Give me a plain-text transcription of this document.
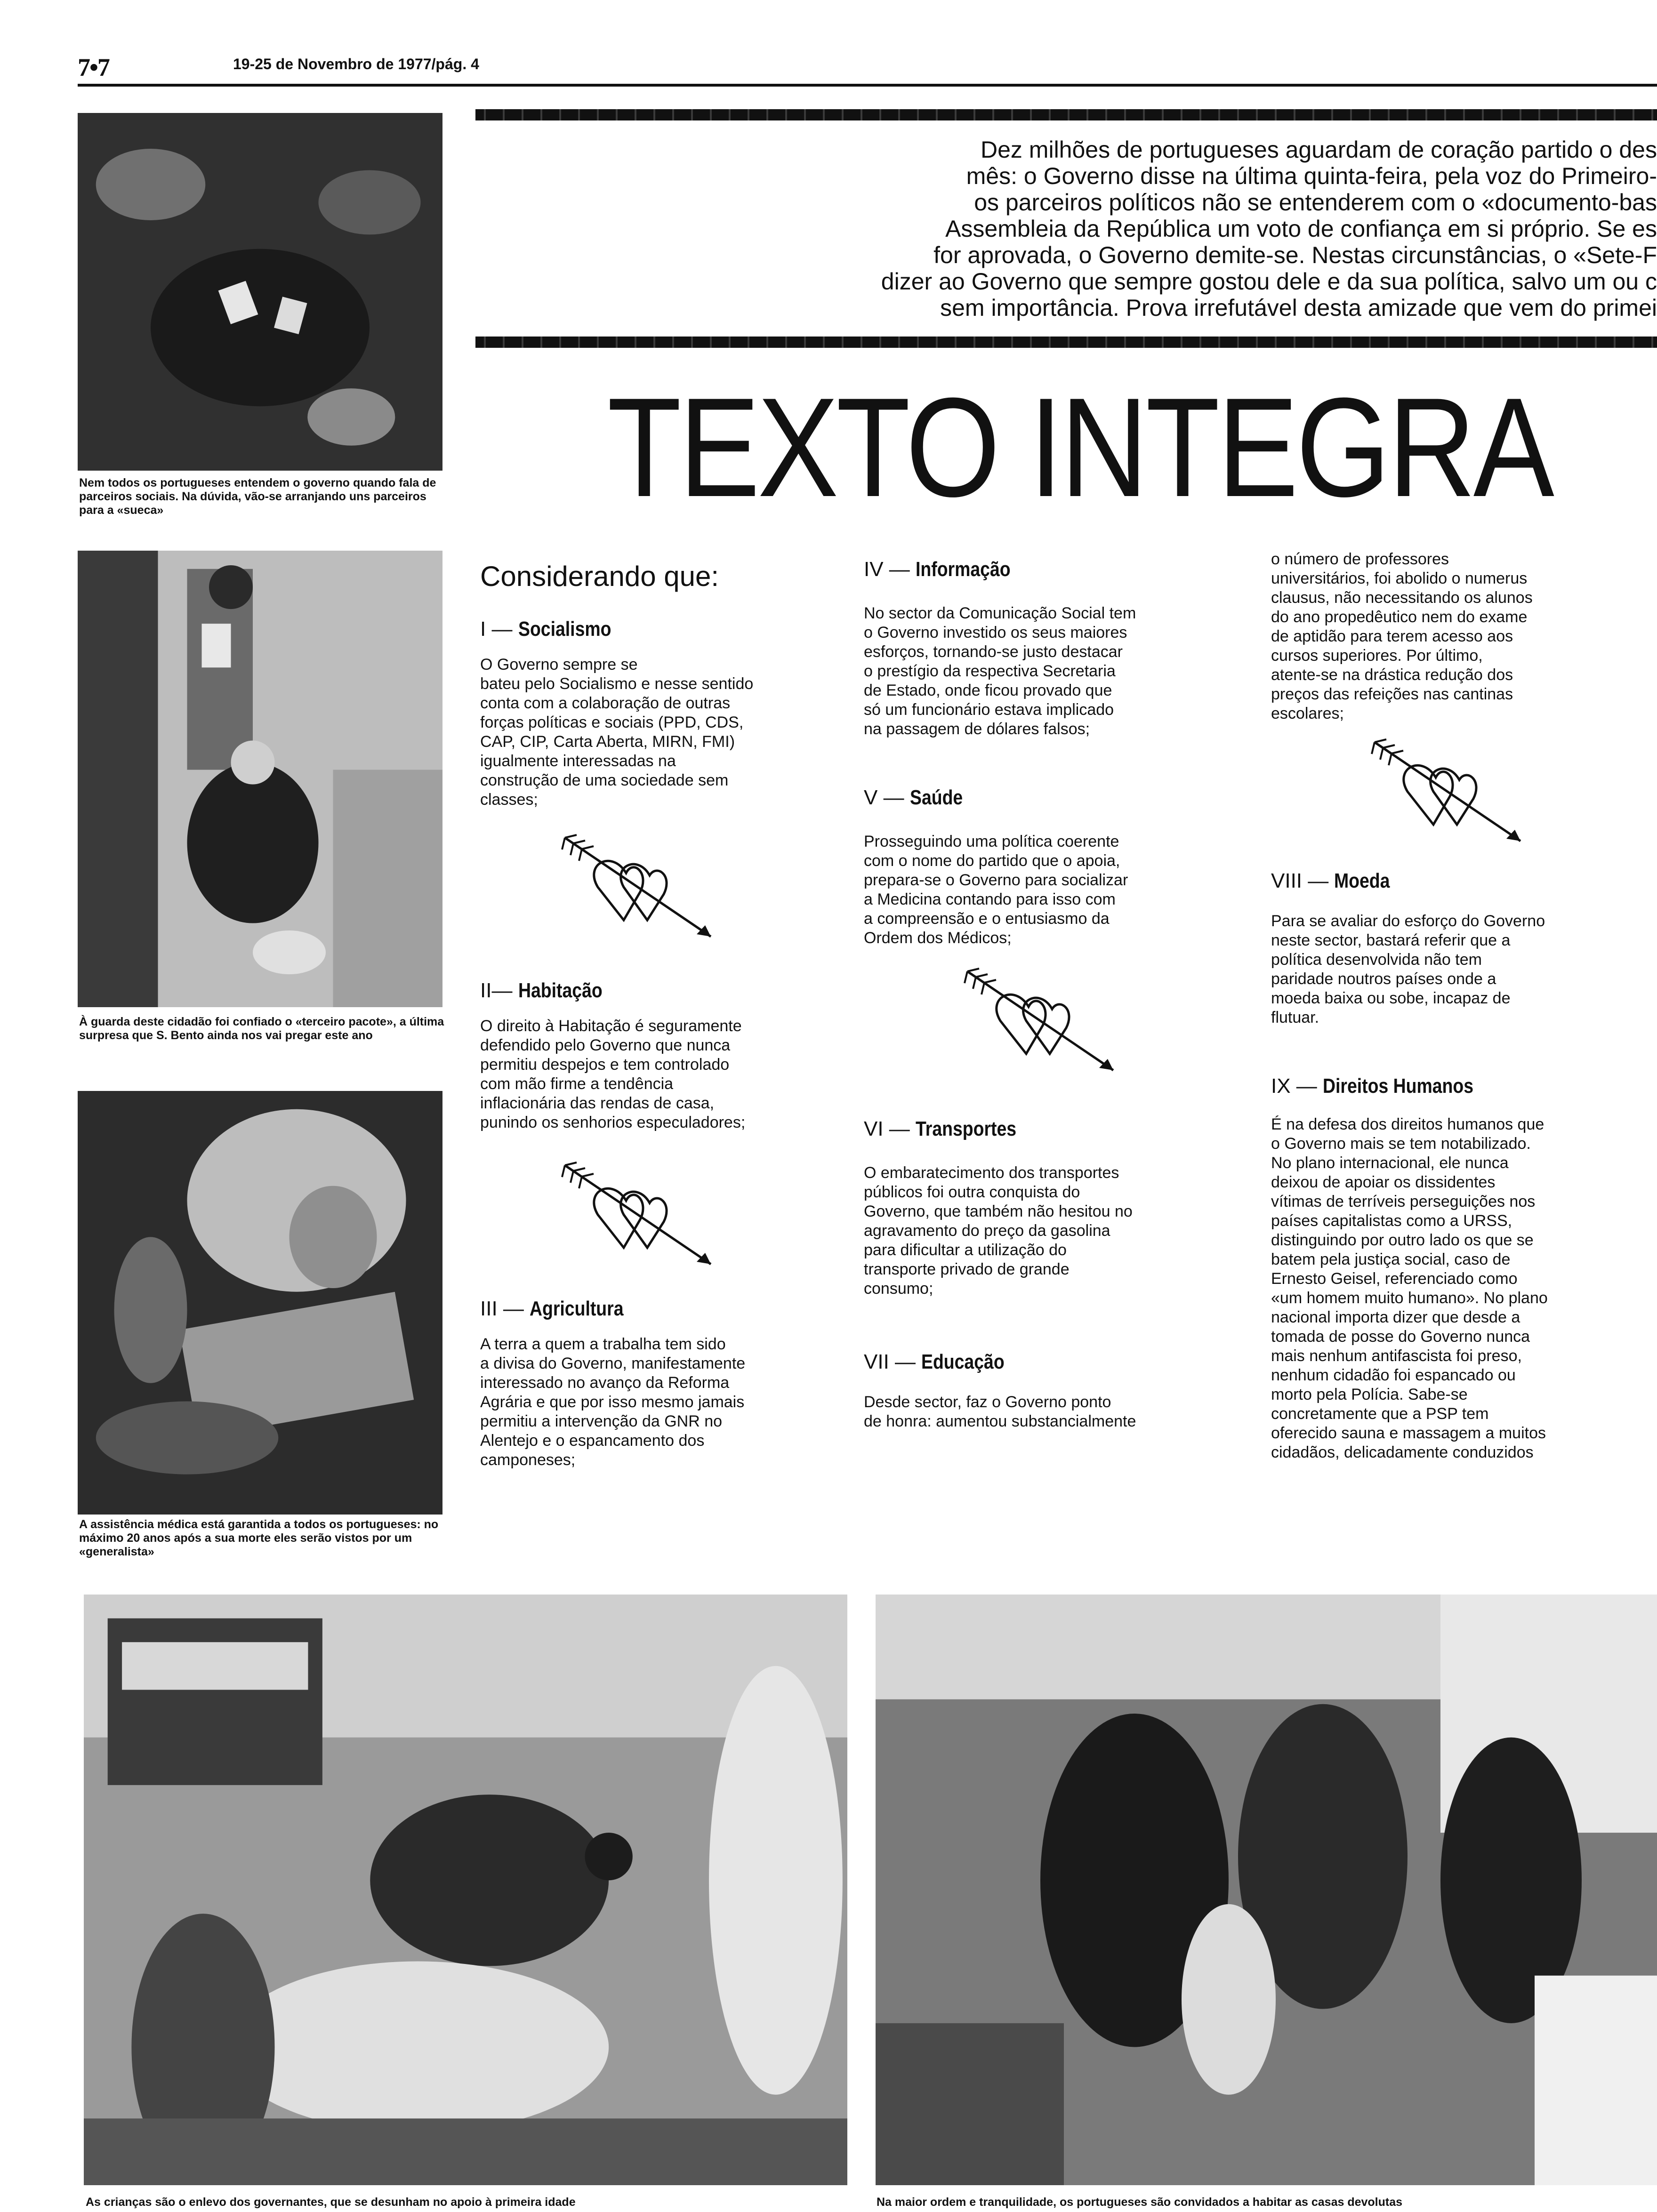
7•7	19-25 de Novembro de 1977/pág. 4
Dez milhões de portugueses aguardam de coração partido o des
mês: o Governo disse na última quinta-feira, pela voz do Primeiro-
os parceiros políticos não se entenderem com o «documento-bas
Assembleia da República um voto de confiança em si próprio. Se es
for aprovada, o Governo demite-se. Nestas circunstâncias, o «Sete-F
dizer ao Governo que sempre gostou dele e da sua política, salvo um ou c
sem importância. Prova irrefutável desta amizade que vem do primei
TEXTO INTEGRA
Nem todos os portugueses entendem o governo quando fala de parceiros sociais. Na dúvida, vão-se arranjando uns parceiros para a «sueca»
À guarda deste cidadão foi confiado o «terceiro pacote», a última surpresa que S. Bento ainda nos vai pregar este ano
A assistência médica está garantida a todos os portugueses: no máximo 20 anos após a sua morte eles serão vistos por um «generalista»
Considerando que:
I — Socialismo
O Governo sempre se
bateu pelo Socialismo e nesse sentido
conta com a colaboração de outras
forças políticas e sociais (PPD, CDS,
CAP, CIP, Carta Aberta, MIRN, FMI)
igualmente interessadas na
construção de uma sociedade sem
classes;
II— Habitação
O direito à Habitação é seguramente
defendido pelo Governo que nunca
permitiu despejos e tem controlado
com mão firme a tendência
inflacionária das rendas de casa,
punindo os senhorios especuladores;
III — Agricultura
A terra a quem a trabalha tem sido
a divisa do Governo, manifestamente
interessado no avanço da Reforma
Agrária e que por isso mesmo jamais
permitiu a intervenção da GNR no
Alentejo e o espancamento dos
camponeses;
IV — Informação
No sector da Comunicação Social tem
o Governo investido os seus maiores
esforços, tornando-se justo destacar
o prestígio da respectiva Secretaria
de Estado, onde ficou provado que
só um funcionário estava implicado
na passagem de dólares falsos;
V — Saúde
Prosseguindo uma política coerente
com o nome do partido que o apoia,
prepara-se o Governo para socializar
a Medicina contando para isso com
a compreensão e o entusiasmo da
Ordem dos Médicos;
VI — Transportes
O embaratecimento dos transportes
públicos foi outra conquista do
Governo, que também não hesitou no
agravamento do preço da gasolina
para dificultar a utilização do
transporte privado de grande
consumo;
VII — Educação
Desde sector, faz o Governo ponto
de honra: aumentou substancialmente
o número de professores
universitários, foi abolido o numerus
clausus, não necessitando os alunos
do ano propedêutico nem do exame
de aptidão para terem acesso aos
cursos superiores. Por último,
atente-se na drástica redução dos
preços das refeições nas cantinas
escolares;
VIII — Moeda
Para se avaliar do esforço do Governo
neste sector, bastará referir que a
política desenvolvida não tem
paridade noutros países onde a
moeda baixa ou sobe, incapaz de
flutuar.
IX — Direitos Humanos
É na defesa dos direitos humanos que
o Governo mais se tem notabilizado.
No plano internacional, ele nunca
deixou de apoiar os dissidentes
vítimas de terríveis perseguições nos
países capitalistas como a URSS,
distinguindo por outro lado os que se
batem pela justiça social, caso de
Ernesto Geisel, referenciado como
«um homem muito humano». No plano
nacional importa dizer que desde a
tomada de posse do Governo nunca
mais nenhum antifascista foi preso,
nenhum cidadão foi espancado ou
morto pela Polícia. Sabe-se
concretamente que a PSP tem
oferecido sauna e massagem a muitos
cidadãos, delicadamente conduzidos
As crianças são o enlevo dos governantes, que se desunham no apoio à primeira idade	Na maior ordem e tranquilidade, os portugueses são convidados a habitar as casas devolutas
